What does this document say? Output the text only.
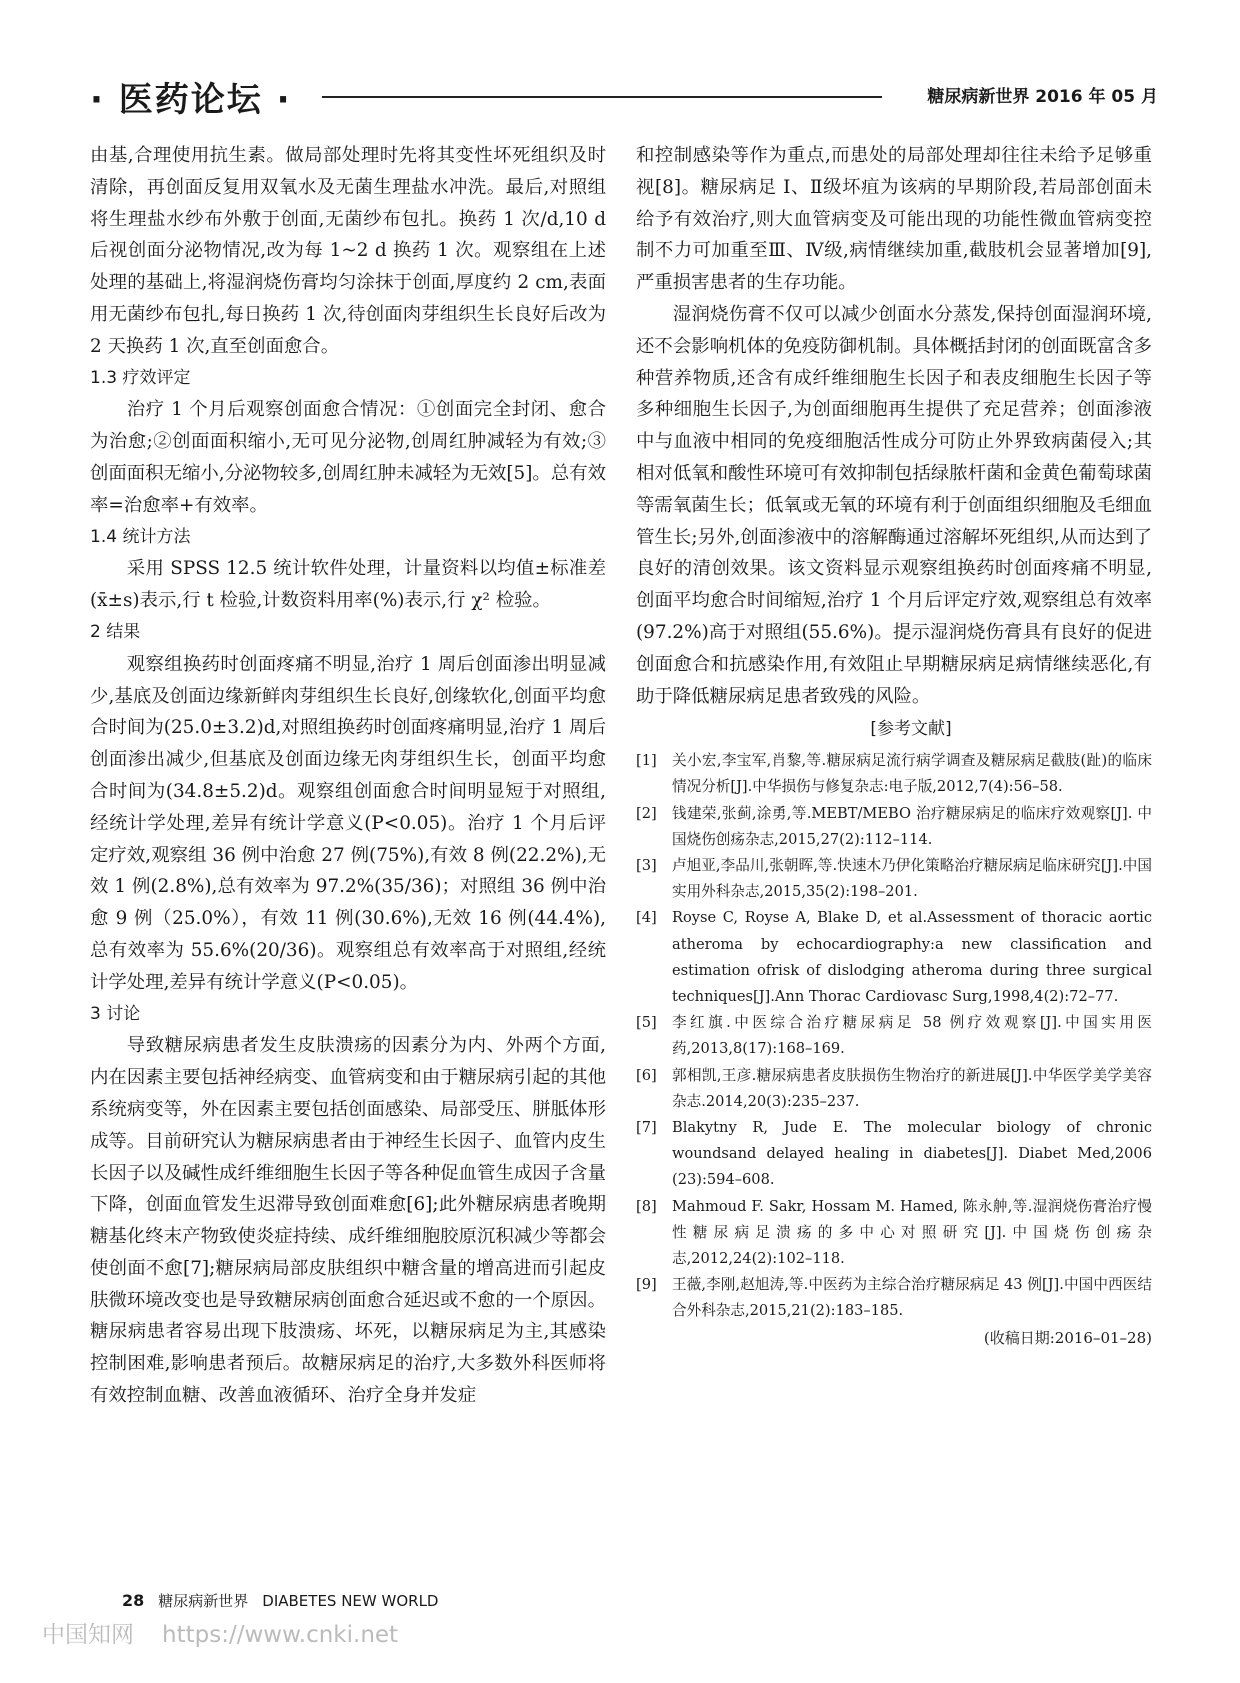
· 医药论坛 ·	糖尿病新世界 2016 年 05 月

由基,合理使用抗生素。做局部处理时先将其变性坏死组织及时清除，再创面反复用双氧水及无菌生理盐水冲洗。最后,对照组将生理盐水纱布外敷于创面,无菌纱布包扎。换药 1 次/d,10 d 后视创面分泌物情况,改为每 1~2 d 换药 1 次。观察组在上述处理的基础上,将湿润烧伤膏均匀涂抹于创面,厚度约 2 cm,表面用无菌纱布包扎,每日换药 1 次,待创面肉芽组织生长良好后改为 2 天换药 1 次,直至创面愈合。

1.3 疗效评定

治疗 1 个月后观察创面愈合情况：①创面完全封闭、愈合为治愈;②创面面积缩小,无可见分泌物,创周红肿减轻为有效;③创面面积无缩小,分泌物较多,创周红肿未减轻为无效[5]。总有效率=治愈率+有效率。

1.4 统计方法

采用 SPSS 12.5 统计软件处理，计量资料以均值±标准差(x̄±s)表示,行 t 检验,计数资料用率(%)表示,行 χ² 检验。

2 结果

观察组换药时创面疼痛不明显,治疗 1 周后创面渗出明显减少,基底及创面边缘新鲜肉芽组织生长良好,创缘软化,创面平均愈合时间为(25.0±3.2)d,对照组换药时创面疼痛明显,治疗 1 周后创面渗出减少,但基底及创面边缘无肉芽组织生长，创面平均愈合时间为(34.8±5.2)d。观察组创面愈合时间明显短于对照组,经统计学处理,差异有统计学意义(P<0.05)。治疗 1 个月后评定疗效,观察组 36 例中治愈 27 例(75%),有效 8 例(22.2%),无效 1 例(2.8%),总有效率为 97.2%(35/36)；对照组 36 例中治愈 9 例（25.0%），有效 11 例(30.6%),无效 16 例(44.4%),总有效率为 55.6%(20/36)。观察组总有效率高于对照组,经统计学处理,差异有统计学意义(P<0.05)。

3 讨论

导致糖尿病患者发生皮肤溃疡的因素分为内、外两个方面,内在因素主要包括神经病变、血管病变和由于糖尿病引起的其他系统病变等，外在因素主要包括创面感染、局部受压、胼胝体形成等。目前研究认为糖尿病患者由于神经生长因子、血管内皮生长因子以及碱性成纤维细胞生长因子等各种促血管生成因子含量下降，创面血管发生迟滞导致创面难愈[6];此外糖尿病患者晚期糖基化终末产物致使炎症持续、成纤维细胞胶原沉积减少等都会使创面不愈[7];糖尿病局部皮肤组织中糖含量的增高进而引起皮肤微环境改变也是导致糖尿病创面愈合延迟或不愈的一个原因。糖尿病患者容易出现下肢溃疡、坏死，以糖尿病足为主,其感染控制困难,影响患者预后。故糖尿病足的治疗,大多数外科医师将有效控制血糖、改善血液循环、治疗全身并发症

和控制感染等作为重点,而患处的局部处理却往往未给予足够重视[8]。糖尿病足 Ⅰ、Ⅱ级坏疽为该病的早期阶段,若局部创面未给予有效治疗,则大血管病变及可能出现的功能性微血管病变控制不力可加重至Ⅲ、Ⅳ级,病情继续加重,截肢机会显著增加[9],严重损害患者的生存功能。

湿润烧伤膏不仅可以减少创面水分蒸发,保持创面湿润环境,还不会影响机体的免疫防御机制。具体概括封闭的创面既富含多种营养物质,还含有成纤维细胞生长因子和表皮细胞生长因子等多种细胞生长因子,为创面细胞再生提供了充足营养；创面渗液中与血液中相同的免疫细胞活性成分可防止外界致病菌侵入;其相对低氧和酸性环境可有效抑制包括绿脓杆菌和金黄色葡萄球菌等需氧菌生长；低氧或无氧的环境有利于创面组织细胞及毛细血管生长;另外,创面渗液中的溶解酶通过溶解坏死组织,从而达到了良好的清创效果。该文资料显示观察组换药时创面疼痛不明显,创面平均愈合时间缩短,治疗 1 个月后评定疗效,观察组总有效率(97.2%)高于对照组(55.6%)。提示湿润烧伤膏具有良好的促进创面愈合和抗感染作用,有效阻止早期糖尿病足病情继续恶化,有助于降低糖尿病足患者致残的风险。

[参考文献]

[1] 关小宏,李宝军,肖黎,等.糖尿病足流行病学调查及糖尿病足截肢(趾)的临床情况分析[J].中华损伤与修复杂志:电子版,2012,7(4):56–58.
[2] 钱建荣,张蓟,涂勇,等.MEBT/MEBO 治疗糖尿病足的临床疗效观察[J]. 中国烧伤创疡杂志,2015,27(2):112–114.
[3] 卢旭亚,李品川,张朝晖,等.快速木乃伊化策略治疗糖尿病足临床研究[J].中国实用外科杂志,2015,35(2):198–201.
[4] Royse C, Royse A, Blake D, et al.Assessment of thoracic aortic atheroma by echocardiography:a new classification and estimation ofrisk of dislodging atheroma during three surgical techniques[J].Ann Thorac Cardiovasc Surg,1998,4(2):72–77.
[5] 李红旗.中医综合治疗糖尿病足 58 例疗效观察[J].中国实用医药,2013,8(17):168–169.
[6] 郭相凯,王彦.糖尿病患者皮肤损伤生物治疗的新进展[J].中华医学美学美容杂志.2014,20(3):235–237.
[7] Blakytny R, Jude E. The molecular biology of chronic woundsand delayed healing in diabetes[J]. Diabet Med,2006 (23):594–608.
[8] Mahmoud F. Sakr, Hossam M. Hamed, 陈永舯,等.湿润烧伤膏治疗慢性糖尿病足溃疡的多中心对照研究[J].中国烧伤创疡杂志,2012,24(2):102–118.
[9] 王薇,李刚,赵旭涛,等.中医药为主综合治疗糖尿病足 43 例[J].中国中西医结合外科杂志,2015,21(2):183–185.

(收稿日期:2016–01–28)

28 糖尿病新世界 DIABETES NEW WORLD
中国知网 https://www.cnki.net
